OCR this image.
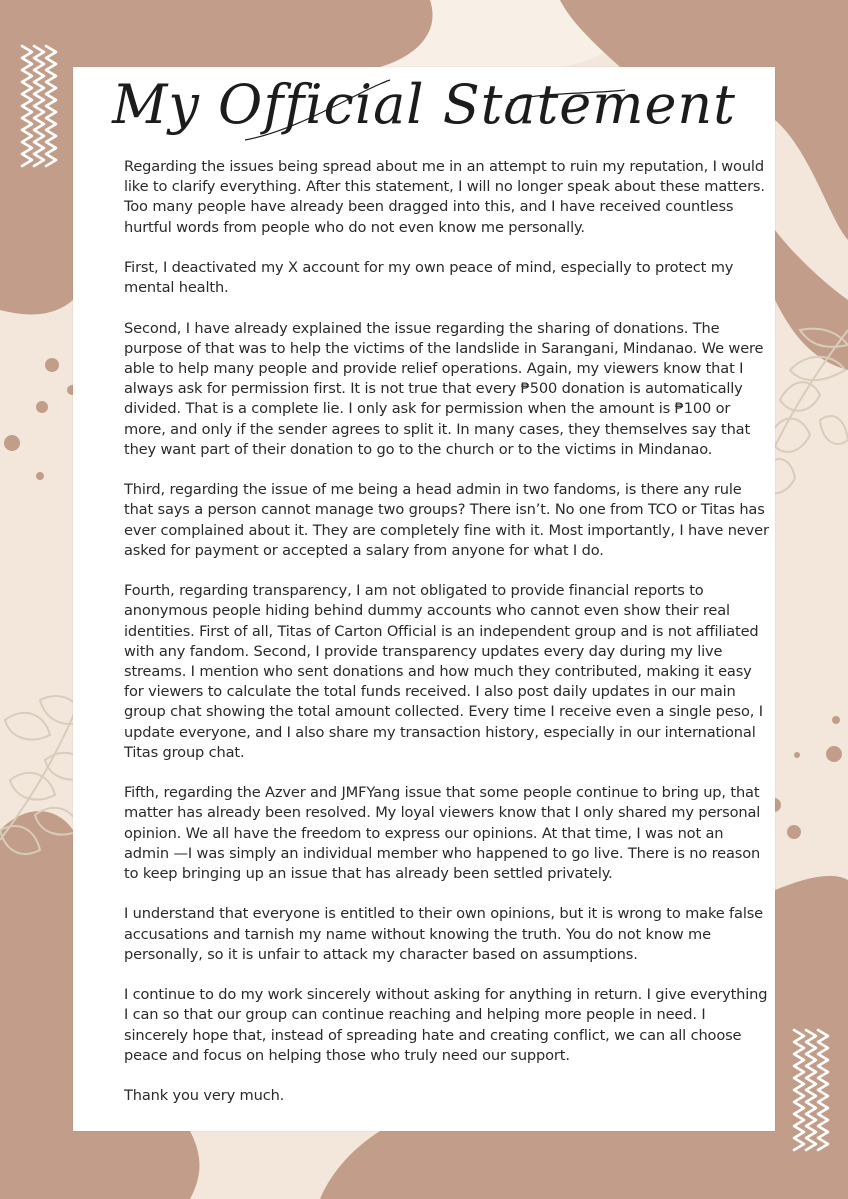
My Official Statement

Regarding the issues being spread about me in an attempt to ruin my reputation, I would like to clarify everything. After this statement, I will no longer speak about these matters. Too many people have already been dragged into this, and I have received countless hurtful words from people who do not even know me personally.

First, I deactivated my X account for my own peace of mind, especially to protect my mental health.

Second, I have already explained the issue regarding the sharing of donations. The purpose of that was to help the victims of the landslide in Sarangani, Mindanao. We were able to help many people and provide relief operations. Again, my viewers know that I always ask for permission first. It is not true that every ₱500 donation is automatically divided. That is a complete lie. I only ask for permission when the amount is ₱100 or more, and only if the sender agrees to split it. In many cases, they themselves say that they want part of their donation to go to the church or to the victims in Mindanao.

Third, regarding the issue of me being a head admin in two fandoms, is there any rule that says a person cannot manage two groups? There isn’t. No one from TCO or Titas has ever complained about it. They are completely fine with it. Most importantly, I have never asked for payment or accepted a salary from anyone for what I do.

Fourth, regarding transparency, I am not obligated to provide financial reports to anonymous people hiding behind dummy accounts who cannot even show their real identities. First of all, Titas of Carton Official is an independent group and is not affiliated with any fandom. Second, I provide transparency updates every day during my live streams. I mention who sent donations and how much they contributed, making it easy for viewers to calculate the total funds received. I also post daily updates in our main group chat showing the total amount collected. Every time I receive even a single peso, I update everyone, and I also share my transaction history, especially in our international Titas group chat.

Fifth, regarding the Azver and JMFYang issue that some people continue to bring up, that matter has already been resolved. My loyal viewers know that I only shared my personal opinion. We all have the freedom to express our opinions. At that time, I was not an admin —I was simply an individual member who happened to go live. There is no reason to keep bringing up an issue that has already been settled privately.

I understand that everyone is entitled to their own opinions, but it is wrong to make false accusations and tarnish my name without knowing the truth. You do not know me personally, so it is unfair to attack my character based on assumptions.

I continue to do my work sincerely without asking for anything in return. I give everything I can so that our group can continue reaching and helping more people in need. I sincerely hope that, instead of spreading hate and creating conflict, we can all choose peace and focus on helping those who truly need our support.

Thank you very much.
